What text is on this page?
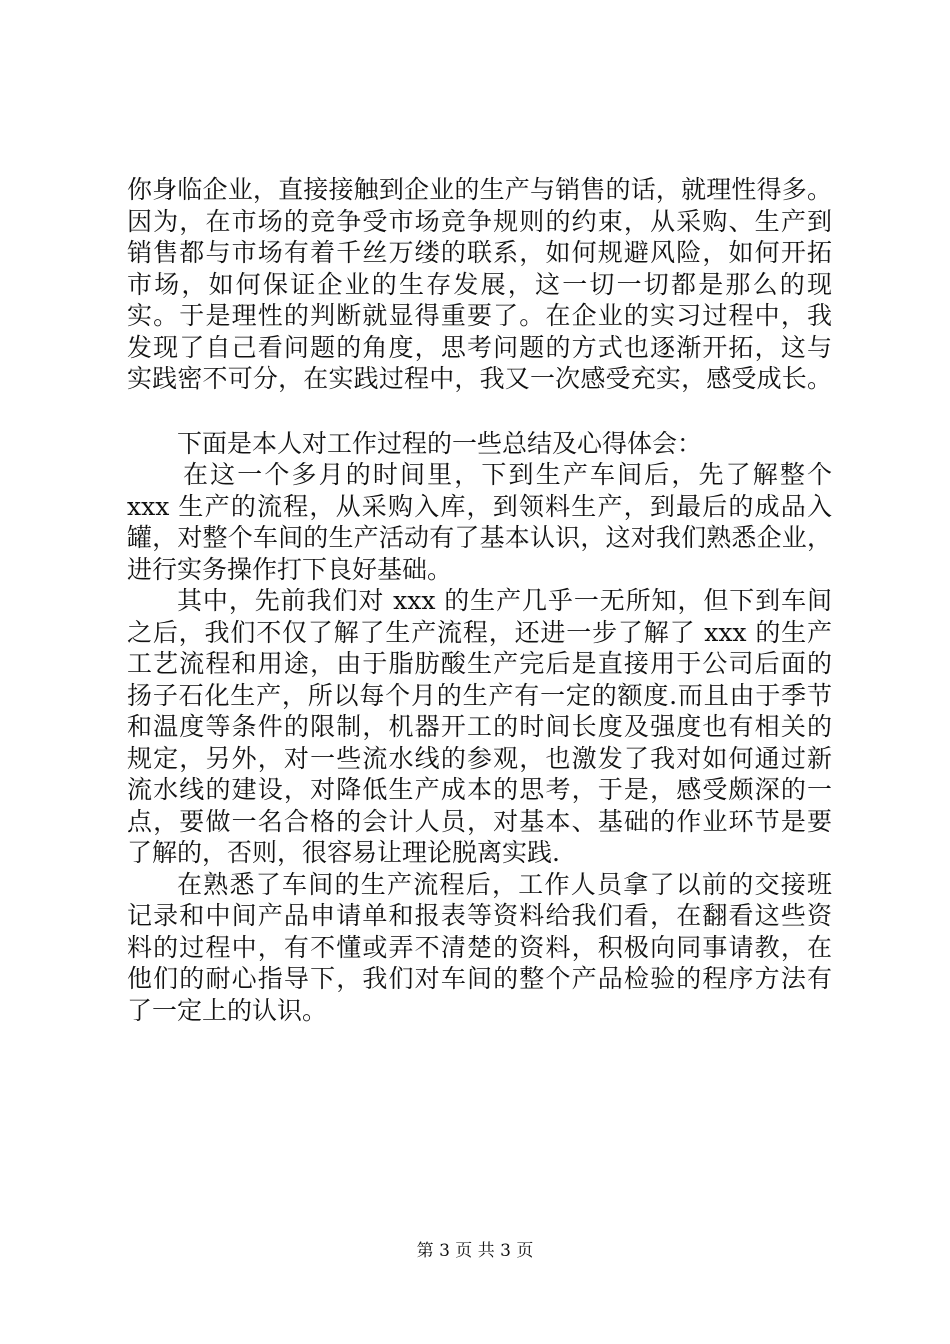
你身临企业，直接接触到企业的生产与销售的话，就理性得多。
因为，在市场的竞争受市场竞争规则的约束，从采购、生产到
销售都与市场有着千丝万缕的联系，如何规避风险，如何开拓
市场，如何保证企业的生存发展，这一切一切都是那么的现
实。于是理性的判断就显得重要了。在企业的实习过程中，我
发现了自己看问题的角度，思考问题的方式也逐渐开拓，这与
实践密不可分，在实践过程中，我又一次感受充实，感受成长。
下面是本人对工作过程的一些总结及心得体会：
在这一个多月的时间里，下到生产车间后，先了解整个
xxx 生产的流程，从采购入库，到领料生产，到最后的成品入
罐，对整个车间的生产活动有了基本认识，这对我们熟悉企业，
进行实务操作打下良好基础。
其中，先前我们对 xxx 的生产几乎一无所知，但下到车间
之后，我们不仅了解了生产流程，还进一步了解了 xxx 的生产
工艺流程和用途，由于脂肪酸生产完后是直接用于公司后面的
扬子石化生产，所以每个月的生产有一定的额度.而且由于季节
和温度等条件的限制，机器开工的时间长度及强度也有相关的
规定，另外，对一些流水线的参观，也激发了我对如何通过新
流水线的建设，对降低生产成本的思考，于是，感受颇深的一
点，要做一名合格的会计人员，对基本、基础的作业环节是要
了解的，否则，很容易让理论脱离实践.
在熟悉了车间的生产流程后，工作人员拿了以前的交接班
记录和中间产品申请单和报表等资料给我们看，在翻看这些资
料的过程中，有不懂或弄不清楚的资料，积极向同事请教，在
他们的耐心指导下，我们对车间的整个产品检验的程序方法有
了一定上的认识。
第 3 页 共 3 页
